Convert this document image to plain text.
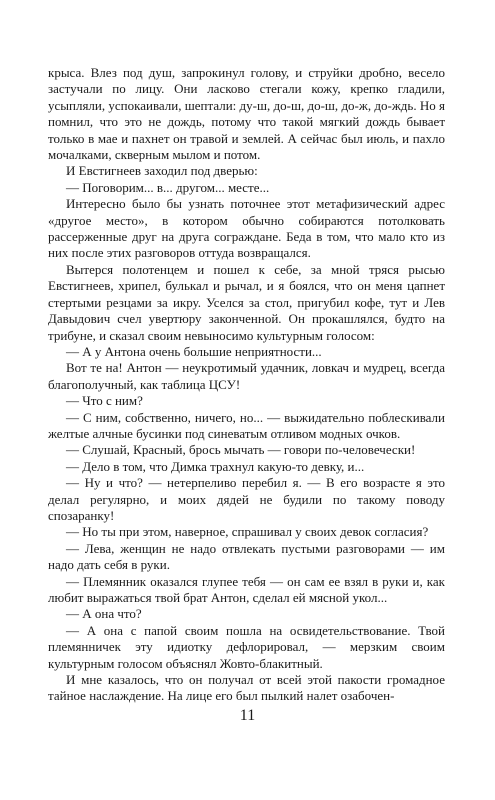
крыса. Влез под душ, запрокинул голову, и струйки дробно, весело застучали по лицу. Они ласково стегали кожу, крепко гладили, усыпляли, успокаивали, шептали: ду-ш, до-ш, до-ш, до-ж, до-ждь. Но я помнил, что это не дождь, потому что такой мягкий дождь бывает только в мае и пахнет он травой и землей. А сейчас был июль, и пахло мочалками, скверным мылом и потом.

И Евстигнеев заходил под дверью:

— Поговорим... в... другом... месте...

Интересно было бы узнать поточнее этот метафизический адрес «другое место», в котором обычно собираются потолковать рассерженные друг на друга сограждане. Беда в том, что мало кто из них после этих разговоров оттуда возвращался.

Вытерся полотенцем и пошел к себе, за мной тряся рысью Евстигнеев, хрипел, булькал и рычал, и я боялся, что он меня цапнет стертыми резцами за икру. Уселся за стол, пригубил кофе, тут и Лев Давыдович счел увертюру законченной. Он прокашлялся, будто на трибуне, и сказал своим невыносимо культурным голосом:

— А у Антона очень большие неприятности...

Вот те на! Антон — неукротимый удачник, ловкач и мудрец, всегда благополучный, как таблица ЦСУ!

— Что с ним?

— С ним, собственно, ничего, но... — выжидательно поблескивали желтые алчные бусинки под синеватым отливом модных очков.

— Слушай, Красный, брось мычать — говори по-человечески!

— Дело в том, что Димка трахнул какую-то девку, и...

— Ну и что? — нетерпеливо перебил я. — В его возрасте я это делал регулярно, и моих дядей не будили по такому поводу спозаранку!

— Но ты при этом, наверное, спрашивал у своих девок согласия?

— Лева, женщин не надо отвлекать пустыми разговорами — им надо дать себя в руки.

— Племянник оказался глупее тебя — он сам ее взял в руки и, как любит выражаться твой брат Антон, сделал ей мясной укол...

— А она что?

— А она с папой своим пошла на освидетельствование. Твой племянничек эту идиотку дефлорировал, — мерзким своим культурным голосом объяснял Жовто-блакитный.

И мне казалось, что он получал от всей этой пакости громадное тайное наслаждение. На лице его был пылкий налет озабочен-

11
